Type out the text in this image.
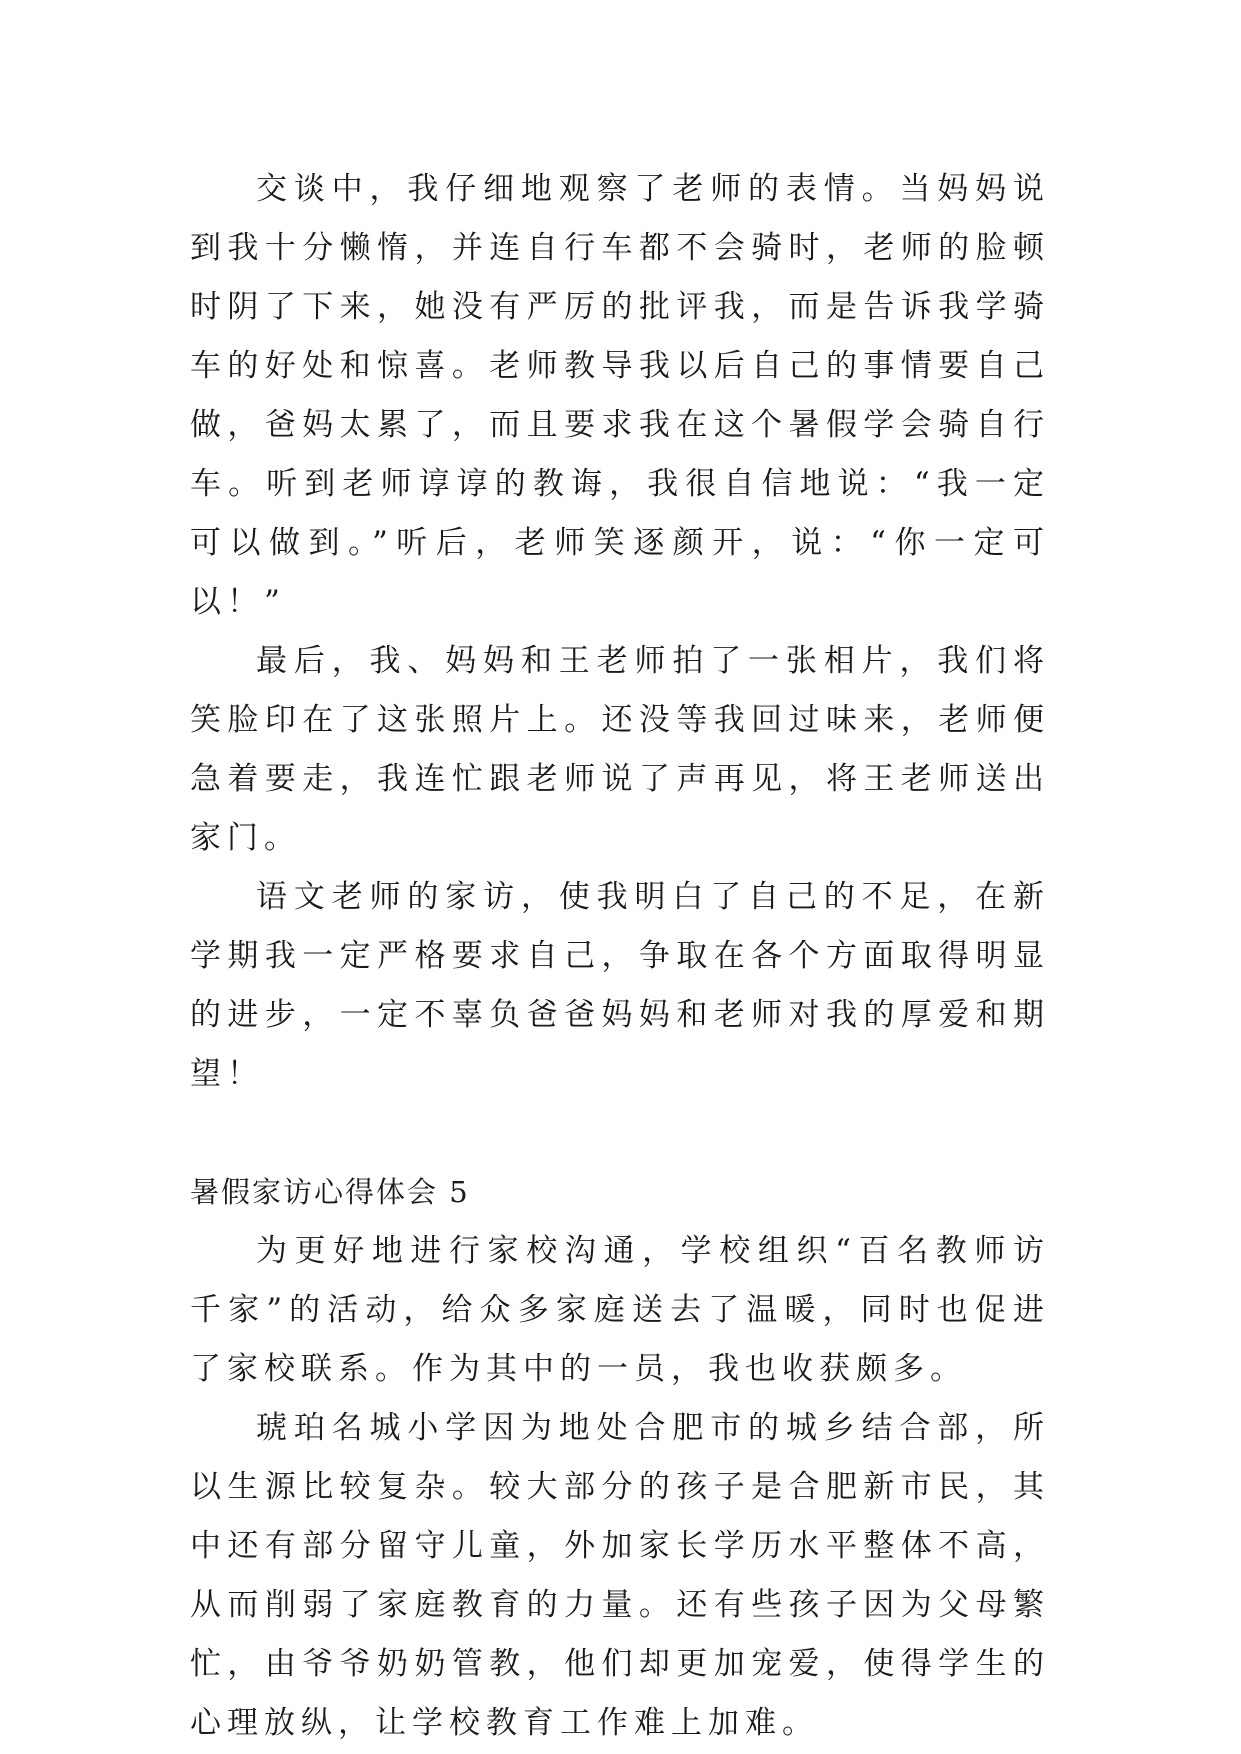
交谈中，我仔细地观察了老师的表情。当妈妈说到我十分懒惰，并连自行车都不会骑时，老师的脸顿时阴了下来，她没有严厉的批评我，而是告诉我学骑车的好处和惊喜。老师教导我以后自己的事情要自己做，爸妈太累了，而且要求我在这个暑假学会骑自行车。听到老师谆谆的教诲，我很自信地说：“我一定可以做到。”听后，老师笑逐颜开，说：“你一定可以！”

最后，我、妈妈和王老师拍了一张相片，我们将笑脸印在了这张照片上。还没等我回过味来，老师便急着要走，我连忙跟老师说了声再见，将王老师送出家门。

语文老师的家访，使我明白了自己的不足，在新学期我一定严格要求自己，争取在各个方面取得明显的进步，一定不辜负爸爸妈妈和老师对我的厚爱和期望！

暑假家访心得体会 5

为更好地进行家校沟通，学校组织“百名教师访千家”的活动，给众多家庭送去了温暖，同时也促进了家校联系。作为其中的一员，我也收获颇多。

琥珀名城小学因为地处合肥市的城乡结合部，所以生源比较复杂。较大部分的孩子是合肥新市民，其中还有部分留守儿童，外加家长学历水平整体不高，从而削弱了家庭教育的力量。还有些孩子因为父母繁忙，由爷爷奶奶管教，他们却更加宠爱，使得学生的心理放纵，让学校教育工作难上加难。
